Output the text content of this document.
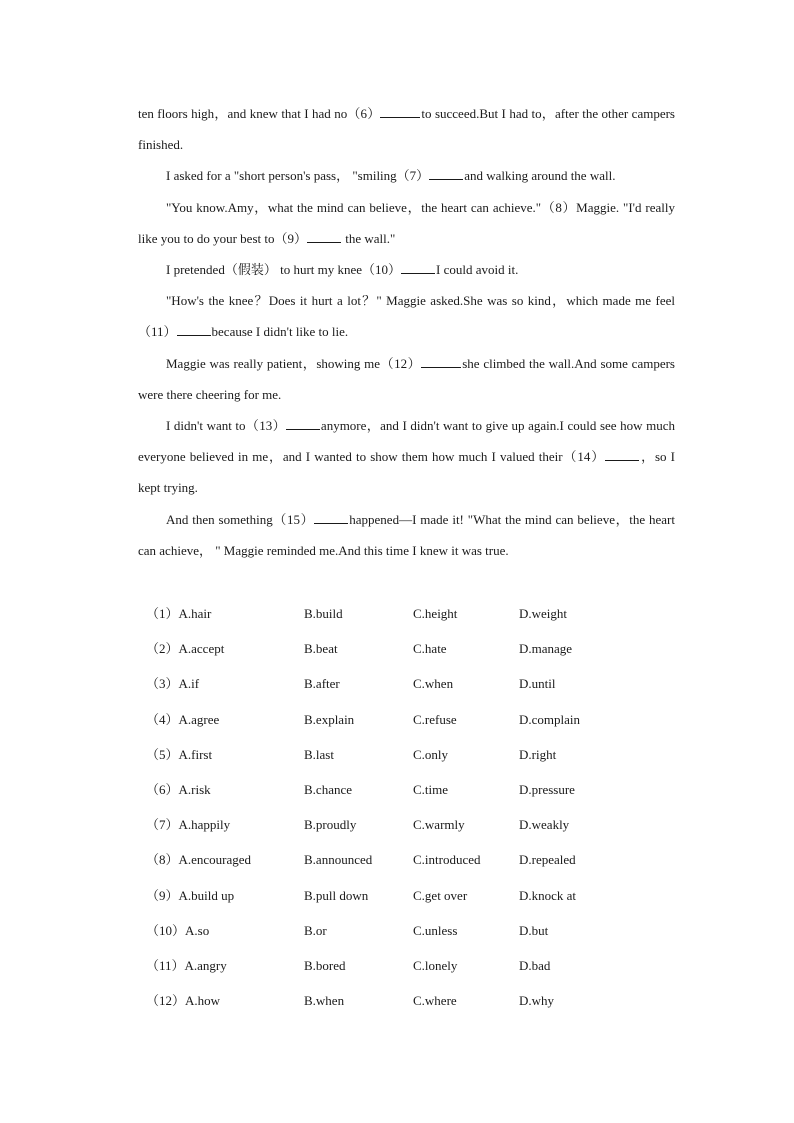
ten floors high，and knew that I had no（6）	to succeed.But I had to，after the other campers finished.

I asked for a "short person's pass， "smiling（7）	and walking around the wall.

"You know.Amy，what the mind can believe，the heart can achieve."（8）Maggie. "I'd really like you to do your best to（9）	the wall."

I pretended（假装） to hurt my knee（10）	I could avoid it.

"How's the knee？Does it hurt a lot？" Maggie asked.She was so kind，which made me feel（11）	because I didn't like to lie.

Maggie was really patient，showing me（12）	she climbed the wall.And some campers were there cheering for me.

I didn't want to（13）	anymore，and I didn't want to give up again.I could see how much everyone believed in me，and I wanted to show them how much I valued their（14）	，so I kept trying.

And then something（15）	happened—I made it! "What the mind can believe，the heart can achieve， " Maggie reminded me.And this time I knew it was true.

（1）A.hair	B.build	C.height	D.weight
（2）A.accept	B.beat	C.hate	D.manage
（3）A.if	B.after	C.when	D.until
（4）A.agree	B.explain	C.refuse	D.complain
（5）A.first	B.last	C.only	D.right
（6）A.risk	B.chance	C.time	D.pressure
（7）A.happily	B.proudly	C.warmly	D.weakly
（8）A.encouraged	B.announced	C.introduced	D.repealed
（9）A.build up	B.pull down	C.get over	D.knock at
（10）A.so	B.or	C.unless	D.but
（11）A.angry	B.bored	C.lonely	D.bad
（12）A.how	B.when	C.where	D.why
